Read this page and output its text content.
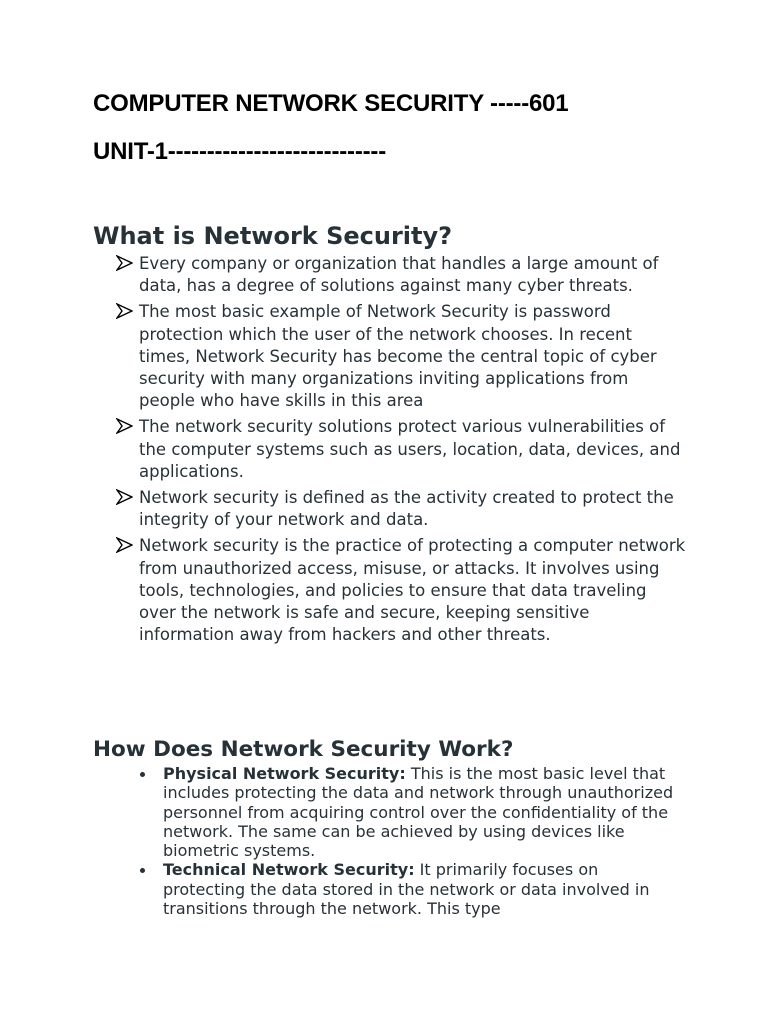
COMPUTER NETWORK SECURITY -----601
UNIT-1----------------------------
What is Network Security?
Every company or organization that handles a large amount of data, has a degree of solutions against many cyber threats.
The most basic example of Network Security is password protection which the user of the network chooses. In recent times, Network Security has become the central topic of cyber security with many organizations inviting applications from people who have skills in this area
The network security solutions protect various vulnerabilities of the computer systems such as users, location, data, devices, and applications.
Network security is defined as the activity created to protect the integrity of your network and data.
Network security is the practice of protecting a computer network from unauthorized access, misuse, or attacks. It involves using tools, technologies, and policies to ensure that data traveling over the network is safe and secure, keeping sensitive information away from hackers and other threats.
How Does Network Security Work?
Physical Network Security: This is the most basic level that includes protecting the data and network through unauthorized personnel from acquiring control over the confidentiality of the network. The same can be achieved by using devices like biometric systems.
Technical Network Security: It primarily focuses on protecting the data stored in the network or data involved in transitions through the network. This type
